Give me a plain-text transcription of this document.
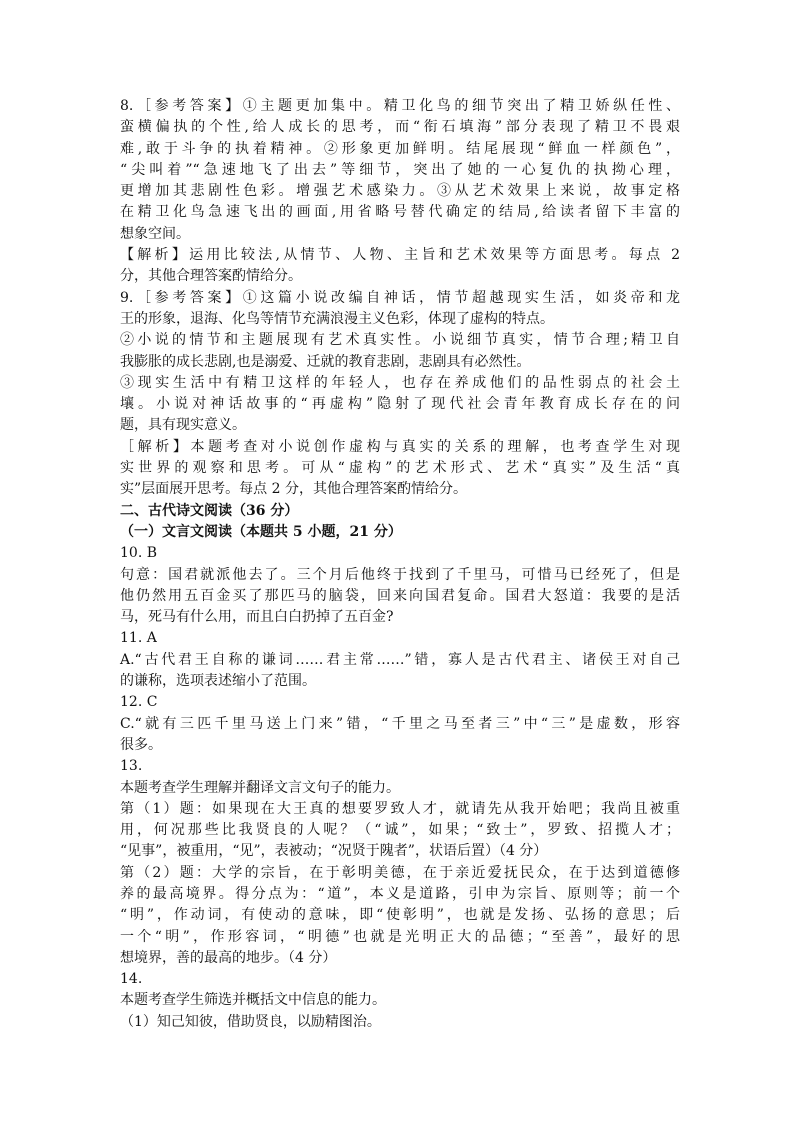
8.［参考答案】①主题更加集中。精卫化鸟的细节突出了精卫娇纵任性、

蛮横偏执的个性,给人成长的思考，而“衔石填海”部分表现了精卫不畏艰

难,敢于斗争的执着精神。②形象更加鲜明。结尾展现“鲜血一样颜色”，

“尖叫着”“急速地飞了出去”等细节，突出了她的一心复仇的执拗心理，

更增加其悲剧性色彩。增强艺术感染力。③从艺术效果上来说，故事定格

在精卫化鸟急速飞出的画面,用省略号替代确定的结局,给读者留下丰富的

想象空间。

【解析】运用比较法,从情节、人物、主旨和艺术效果等方面思考。每点 2

分，其他合理答案酌情给分。

9.［参考答案】①这篇小说改编自神话，情节超越现实生活，如炎帝和龙

王的形象，退海、化鸟等情节充满浪漫主义色彩，体现了虚构的特点。

②小说的情节和主题展现有艺术真实性。小说细节真实，情节合理;精卫自

我膨胀的成长悲剧,也是溺爱、迁就的教育悲剧，悲剧具有必然性。

③现实生活中有精卫这样的年轻人，也存在养成他们的品性弱点的社会土

壤。小说对神话故事的“再虚构”隐射了现代社会青年教育成长存在的问

题，具有现实意义。

［解析】本题考查对小说创作虚构与真实的关系的理解，也考查学生对现

实世界的观察和思考。可从“虚构”的艺术形式、艺术“真实”及生活“真

实”层面展开思考。每点 2 分，其他合理答案酌情给分。

二、古代诗文阅读（36 分）

（一）文言文阅读（本题共 5 小题，21 分）

10. B

句意：国君就派他去了。三个月后他终于找到了千里马，可惜马已经死了，但是

他仍然用五百金买了那匹马的脑袋，回来向国君复命。国君大怒道：我要的是活

马，死马有什么用，而且白白扔掉了五百金?

11. A

A.“古代君王自称的谦词……君主常……”错，寡人是古代君主、诸侯王对自己

的谦称，选项表述缩小了范围。

12. C

C.“就有三匹千里马送上门来”错，“千里之马至者三”中“三”是虚数，形容

很多。

13.

本题考查学生理解并翻译文言文句子的能力。

第（1）题：如果现在大王真的想要罗致人才，就请先从我开始吧；我尚且被重

用，何况那些比我贤良的人呢？（“诚”，如果；“致士”，罗致、招揽人才；

“见事”，被重用，“见”，表被动；“况贤于隗者”，状语后置）（4 分）

第（2）题：大学的宗旨，在于彰明美德，在于亲近爱抚民众，在于达到道德修

养的最高境界。得分点为：“道”，本义是道路，引申为宗旨、原则等；前一个

“明”，作动词，有使动的意味，即“使彰明”，也就是发扬、弘扬的意思；后

一个“明”，作形容词，“明德”也就是光明正大的品德；“至善”，最好的思

想境界，善的最高的地步。（4 分）

14.

本题考查学生筛选并概括文中信息的能力。

（1）知己知彼，借助贤良，以励精图治。
